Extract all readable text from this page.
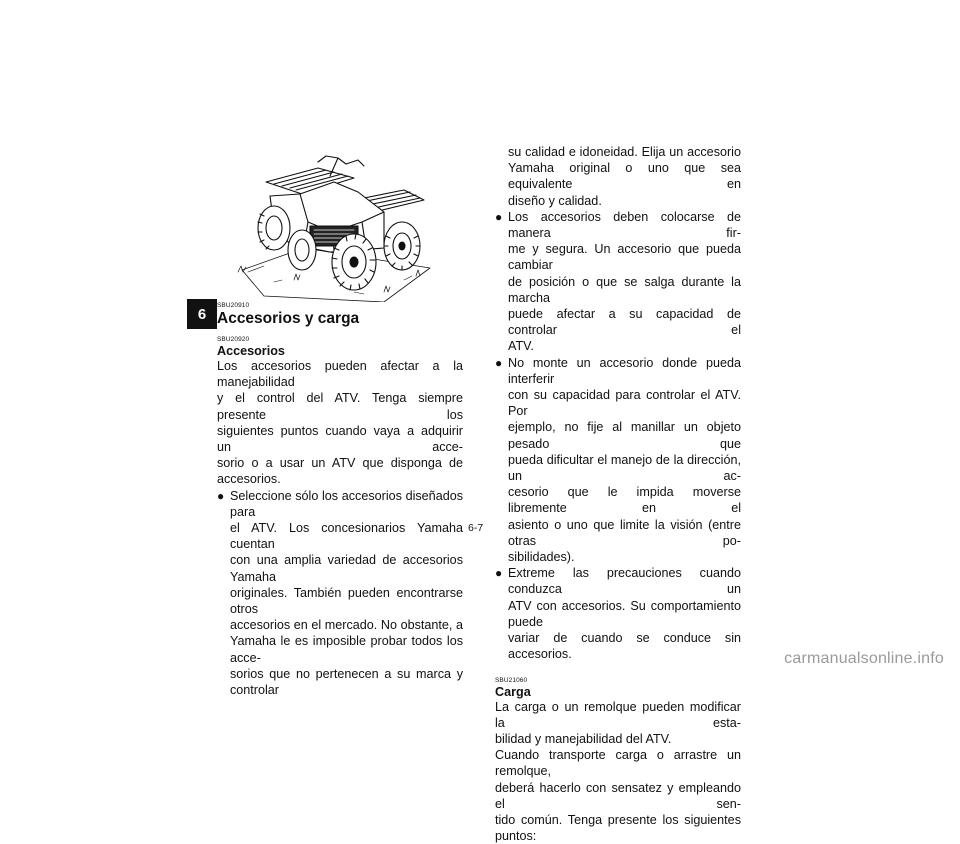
6	SBU20910
Accesorios y carga
SBU20920
Accesorios
Los accesorios pueden afectar a la manejabilidad
y el control del ATV. Tenga siempre presente los
siguientes puntos cuando vaya a adquirir un acce-
sorio o a usar un ATV que disponga de accesorios.
● Seleccione sólo los accesorios diseñados para
el ATV. Los concesionarios Yamaha cuentan
con una amplia variedad de accesorios Yamaha
originales. También pueden encontrarse otros
accesorios en el mercado. No obstante, a
Yamaha le es imposible probar todos los acce-
sorios que no pertenecen a su marca y controlar
su calidad e idoneidad. Elija un accesorio
Yamaha original o uno que sea equivalente en
diseño y calidad.
● Los accesorios deben colocarse de manera fir-
me y segura. Un accesorio que pueda cambiar
de posición o que se salga durante la marcha
puede afectar a su capacidad de controlar el
ATV.
● No monte un accesorio donde pueda interferir
con su capacidad para controlar el ATV. Por
ejemplo, no fije al manillar un objeto pesado que
pueda dificultar el manejo de la dirección, un ac-
cesorio que le impida moverse libremente en el
asiento o uno que limite la visión (entre otras po-
sibilidades).
● Extreme las precauciones cuando conduzca un
ATV con accesorios. Su comportamiento puede
variar de cuando se conduce sin accesorios.
SBU21060
Carga
La carga o un remolque pueden modificar la esta-
bilidad y manejabilidad del ATV.
Cuando transporte carga o arrastre un remolque,
deberá hacerlo con sensatez y empleando el sen-
tido común. Tenga presente los siguientes puntos:
6-7
carmanualsonline.info
